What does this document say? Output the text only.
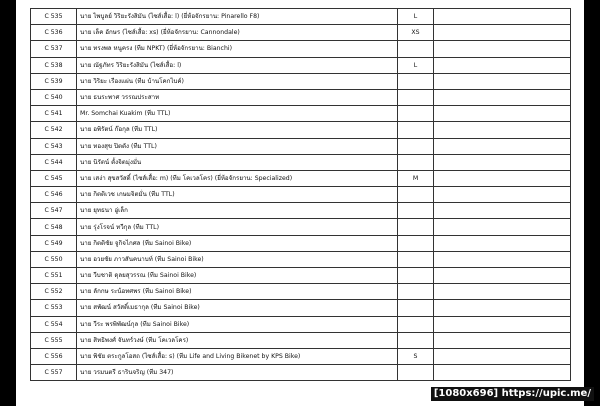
C 535	นาย ไพบูลย์ วิริยะรังสิมัน (ไซส์เสื้อ: l) (ยี่ห้อจักรยาน: Pinarello F8)	L	
C 536	นาย เล็ค อักษร (ไซส์เสื้อ: xs) (ยี่ห้อจักรยาน: Cannondale)	XS	
C 537	นาย ทรงพล หนูครง (ทีม NPKT) (ยี่ห้อจักรยาน: Bianchi)		
C 538	นาย ณัฐภัทร วิริยะรังสิมัน (ไซส์เสื้อ: l)	L	
C 539	นาย วิริยะ เรืองแผ่น (ทีม บ้านโคกไบค์)		
C 540	นาย ธนระพาศ วรรณประสาท		
C 541	Mr. Somchai Kuakim (ทีม TTL)		
C 542	นาย อพิรัตน์ ก๊อกุล (ทีม TTL)		
C 543	นาย ทองสุข ปิตตัง (ทีม TTL)		
C 544	นาย นิรัตน์ ตั้งจิตมุ่งมั่น		
C 545	นาย เสง่า สุขสวัสดิ์ (ไซส์เสื้อ: m) (ทีม โคเวลโคร) (ยี่ห้อจักรยาน: Specialized)	M	
C 546	นาย กิตติเวช เกษมจิตมั่น (ทีม TTL)		
C 547	นาย ยุทธนา อู่เล็ก		
C 548	นาย รุ่งโรจน์ ทวีกุล (ทีม TTL)		
C 549	นาย กิตติชัย จูกิจไกศล (ทีม Sainoi Bike)		
C 550	นาย อวยชัย ภาวสันคนาบท์ (ทีม Sainoi Bike)		
C 551	นาย วีบชาติ ดุลยสุวรรณ (ทีม Sainoi Bike)		
C 552	นาย ลักกษ ระน้อทศพร (ทีม Sainoi Bike)		
C 553	นาย สพัฒน์ สวัสดิ์เมธากุล (ทีม Sainoi Bike)		
C 554	นาย วีระ พรพิพัฒน์กุล (ทีม Sainoi Bike)		
C 555	นาย สิทธิพงศ์ จันทร์วงษ์ (ทีม โคเวลโคร)		
C 556	นาย พิชัย ตระกูลโอสถ (ไซส์เสื้อ: s) (ทีม Life and Living Bikenet by KPS Bike)	S	
C 557	นาย วรมนตรี ธารินจริญ (ทีม 347)		
[1080x696] https://upic.me/
